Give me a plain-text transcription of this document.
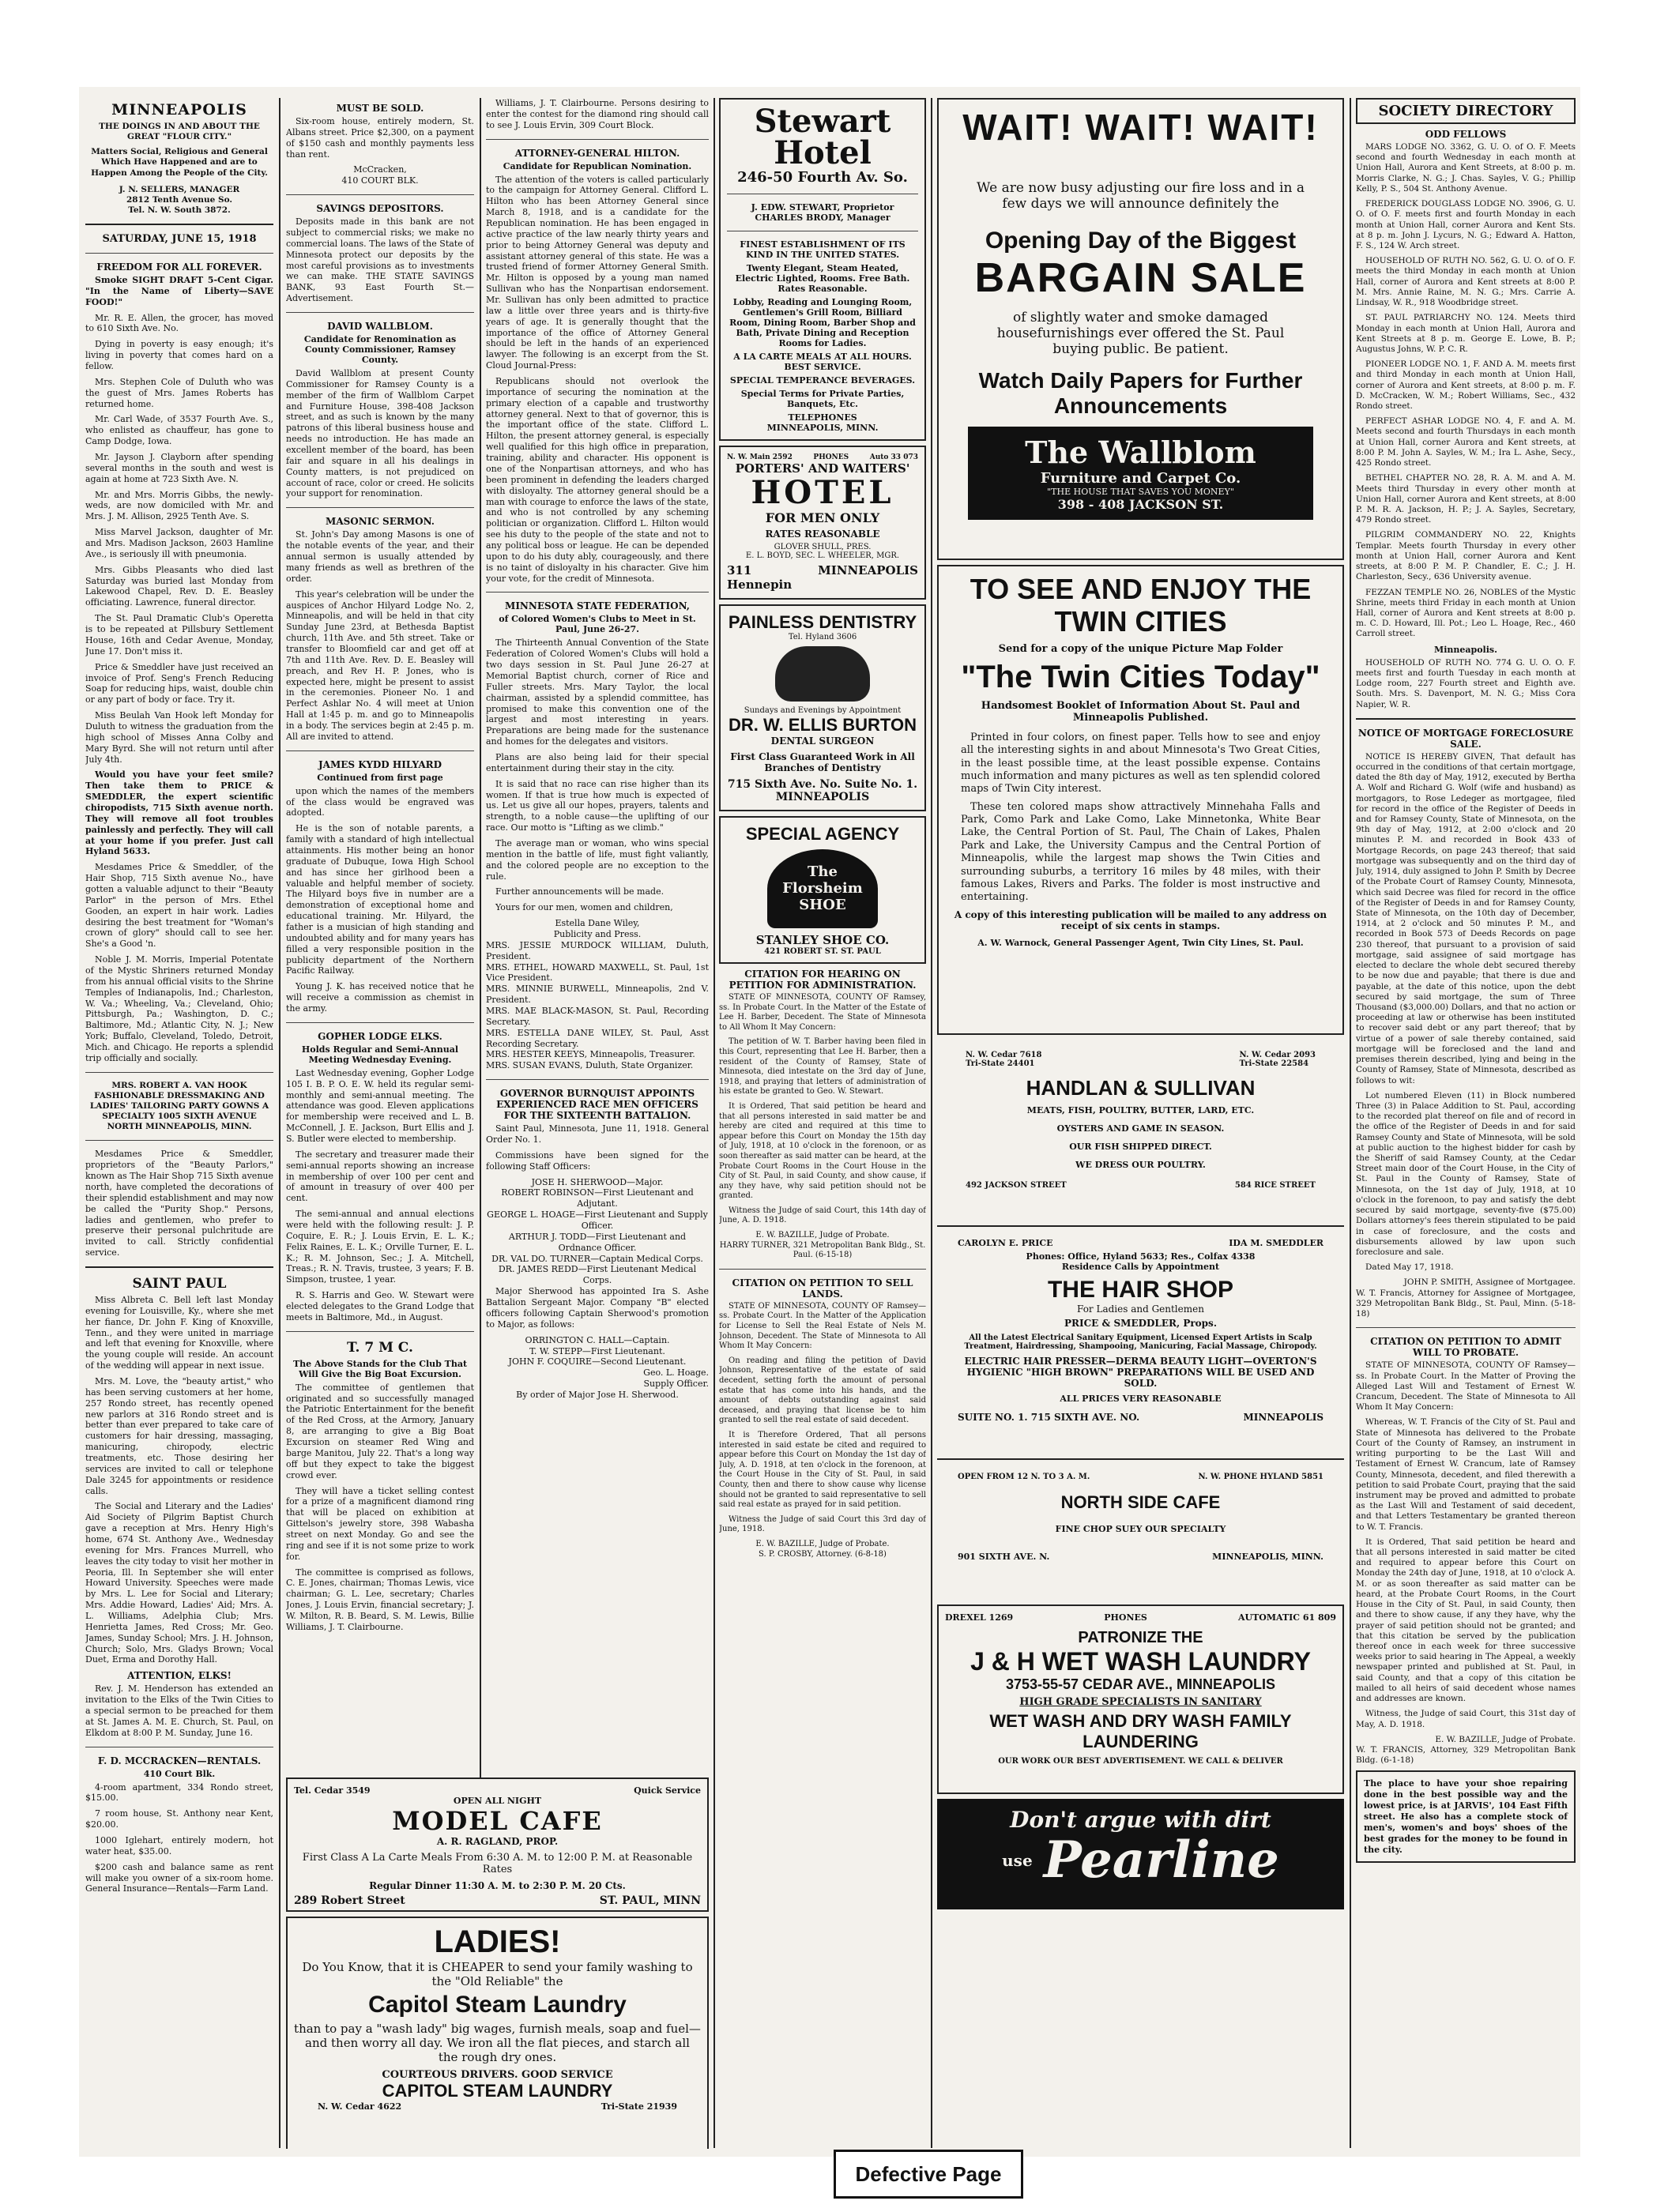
MINNEAPOLIS
THE DOINGS IN AND ABOUT THE GREAT "FLOUR CITY."
Matters Social, Religious and General Which Have Happened and are to Happen Among the People of the City.
J. N. SELLERS, MANAGER
2812 Tenth Avenue So.
Tel. N. W. South 3872.
SATURDAY, JUNE 15, 1918
FREEDOM FOR ALL FOREVER.

Smoke SIGHT DRAFT 5-Cent Cigar. "In the Name of Liberty—SAVE FOOD!"

Mr. R. E. Allen, the grocer, has moved to 610 Sixth Ave. No.

Dying in poverty is easy enough; it's living in poverty that comes hard on a fellow.

Mrs. Stephen Cole of Duluth who was the guest of Mrs. James Roberts has returned home.

Mr. Carl Wade, of 3537 Fourth Ave. S., who enlisted as chauffeur, has gone to Camp Dodge, Iowa.

Mr. Jayson J. Clayborn after spending several months in the south and west is again at home at 723 Sixth Ave. N.

Mr. and Mrs. Morris Gibbs, the newly-weds, are now domiciled with Mr. and Mrs. J. M. Allison, 2925 Tenth Ave. S.

Miss Marvel Jackson, daughter of Mr. and Mrs. Madison Jackson, 2603 Hamline Ave., is seriously ill with pneumonia.

Mrs. Gibbs Pleasants who died last Saturday was buried last Monday from Lakewood Chapel, Rev. D. E. Beasley officiating. Lawrence, funeral director.

The St. Paul Dramatic Club's Operetta is to be repeated at Pillsbury Settlement House, 16th and Cedar Avenue, Monday, June 17. Don't miss it.

Price & Smeddler have just received an invoice of Prof. Seng's French Reducing Soap for reducing hips, waist, double chin or any part of body or face. Try it.

Miss Beulah Van Hook left Monday for Duluth to witness the graduation from the high school of Misses Anna Colby and Mary Byrd. She will not return until after July 4th.

Would you have your feet smile? Then take them to PRICE & SMEDDLER, the expert scientific chiropodists, 715 Sixth avenue north. They will remove all foot troubles painlessly and perfectly. They will call at your home if you prefer. Just call Hyland 5633.

Mesdames Price & Smeddler, of the Hair Shop, 715 Sixth avenue No., have gotten a valuable adjunct to their "Beauty Parlor" in the person of Mrs. Ethel Gooden, an expert in hair work. Ladies desiring the best treatment for "Woman's crown of glory" should call to see her. She's a Good 'n.

Noble J. M. Morris, Imperial Potentate of the Mystic Shriners returned Monday from his annual official visits to the Shrine Temples of Indianapolis, Ind.; Charleston, W. Va.; Wheeling, Va.; Cleveland, Ohio; Pittsburgh, Pa.; Washington, D. C.; Baltimore, Md.; Atlantic City, N. J.; New York; Buffalo, Cleveland, Toledo, Detroit, Mich. and Chicago. He reports a splendid trip officially and socially.

MRS. ROBERT A. VAN HOOK FASHIONABLE DRESSMAKING AND LADIES' TAILORING PARTY GOWNS A SPECIALTY 1005 SIXTH AVENUE NORTH MINNEAPOLIS, MINN.

Mesdames Price & Smeddler, proprietors of the "Beauty Parlors," known as The Hair Shop 715 Sixth avenue north, have completed the decorations of their splendid establishment and may now be called the "Purity Shop." Persons, ladies and gentlemen, who prefer to preserve their personal pulchritude are invited to call. Strictly confidential service.

SAINT PAUL

Miss Albreta C. Bell left last Monday evening for Louisville, Ky., where she met her fiance, Dr. John F. King of Knoxville, Tenn., and they were united in marriage and left that evening for Knoxville, where the young couple will reside. An account of the wedding will appear in next issue.

Mrs. M. Love, the "beauty artist," who has been serving customers at her home, 257 Rondo street, has recently opened new parlors at 316 Rondo street and is better than ever prepared to take care of customers for hair dressing, massaging, manicuring, chiropody, electric treatments, etc. Those desiring her services are invited to call or telephone Dale 3245 for appointments or residence calls.

The Social and Literary and the Ladies' Aid Society of Pilgrim Baptist Church gave a reception at Mrs. Henry High's home, 674 St. Anthony Ave., Wednesday evening for Mrs. Frances Murrell, who leaves the city today to visit her mother in Peoria, Ill. In September she will enter Howard University. Speeches were made by Mrs. L. Lee for Social and Literary; Mrs. Addie Howard, Ladies' Aid; Mrs. A. L. Williams, Adelphia Club; Mrs. Henrietta James, Red Cross; Mr. Geo. James, Sunday School; Mrs. J. H. Johnson, Church; Solo, Mrs. Gladys Brown; Vocal Duet, Erma and Dorothy Hall.

ATTENTION, ELKS!

Rev. J. M. Henderson has extended an invitation to the Elks of the Twin Cities to a special sermon to be preached for them at St. James A. M. E. Church, St. Paul, on Elkdom at 8:00 P. M. Sunday, June 16.

F. D. MCCRACKEN—RENTALS.
410 Court Blk.

4-room apartment, 334 Rondo street, $15.00.

7 room house, St. Anthony near Kent, $20.00.

1000 Iglehart, entirely modern, hot water heat, $35.00.

$200 cash and balance same as rent will make you owner of a six-room home. General Insurance—Rentals—Farm Land.

MUST BE SOLD.

Six-room house, entirely modern, St. Albans street. Price $2,300, on a payment of $150 cash and monthly payments less than rent.

McCracken,
410 COURT BLK.
SAVINGS DEPOSITORS.

Deposits made in this bank are not subject to commercial risks; we make no commercial loans. The laws of the State of Minnesota protect our deposits by the most careful provisions as to investments we can make. THE STATE SAVINGS BANK, 93 East Fourth St.—Advertisement.

DAVID WALLBLOM.
Candidate for Renomination as County Commissioner, Ramsey County.

David Wallblom at present County Commissioner for Ramsey County is a member of the firm of Wallblom Carpet and Furniture House, 398-408 Jackson street, and as such is known by the many patrons of this liberal business house and needs no introduction. He has made an excellent member of the board, has been fair and square in all his dealings in County matters, is not prejudiced on account of race, color or creed. He solicits your support for renomination.

MASONIC SERMON.

St. John's Day among Masons is one of the notable events of the year, and their annual sermon is usually attended by many friends as well as brethren of the order.

This year's celebration will be under the auspices of Anchor Hilyard Lodge No. 2, Minneapolis, and will be held in that city Sunday June 23rd, at Bethesda Baptist church, 11th Ave. and 5th street. Take or transfer to Bloomfield car and get off at 7th and 11th Ave. Rev. D. E. Beasley will preach, and Rev H. P. Jones, who is expected here, might be present to assist in the ceremonies. Pioneer No. 1 and Perfect Ashlar No. 4 will meet at Union Hall at 1:45 p. m. and go to Minneapolis in a body. The services begin at 2:45 p. m. All are invited to attend.

JAMES KYDD HILYARD
Continued from first page

upon which the names of the members of the class would be engraved was adopted.

He is the son of notable parents, a family with a standard of high intellectual attainments. His mother being an honor graduate of Dubuque, Iowa High School and has since her girlhood been a valuable and helpful member of society. The Hilyard boys five in number are a demonstration of exceptional home and educational training. Mr. Hilyard, the father is a musician of high standing and undoubted ability and for many years has filled a very responsible position in the publicity department of the Northern Pacific Railway.

Young J. K. has received notice that he will receive a commission as chemist in the army.

GOPHER LODGE ELKS.
Holds Regular and Semi-Annual Meeting Wednesday Evening.

Last Wednesday evening, Gopher Lodge 105 I. B. P. O. E. W. held its regular semi-monthly and semi-annual meeting. The attendance was good. Eleven applications for membership were received and L. B. McConnell, J. E. Jackson, Burt Ellis and J. S. Butler were elected to membership.

The secretary and treasurer made their semi-annual reports showing an increase in membership of over 100 per cent and of amount in treasury of over 400 per cent.

The semi-annual and annual elections were held with the following result: J. P. Coquire, E. R.; J. Louis Ervin, E. L. K.; Felix Raines, E. L. K.; Orville Turner, E. L. K.; R. M. Johnson, Sec.; J. A. Mitchell, Treas.; R. N. Travis, trustee, 3 years; F. B. Simpson, trustee, 1 year.

R. S. Harris and Geo. W. Stewart were elected delegates to the Grand Lodge that meets in Baltimore, Md., in August.

T. 7 M C.
The Above Stands for the Club That Will Give the Big Boat Excursion.

The committee of gentlemen that originated and so successfully managed the Patriotic Entertainment for the benefit of the Red Cross, at the Armory, January 8, are arranging to give a Big Boat Excursion on steamer Red Wing and barge Manitou, July 22. That's a long way off but they expect to take the biggest crowd ever.

They will have a ticket selling contest for a prize of a magnificent diamond ring that will be placed on exhibition at Gittelson's jewelry store, 398 Wabasha street on next Monday. Go and see the ring and see if it is not some prize to work for.

The committee is comprised as follows, C. E. Jones, chairman; Thomas Lewis, vice chairman; G. L. Lee, secretary; Charles Jones, J. Louis Ervin, financial secretary; J. W. Milton, R. B. Beard, S. M. Lewis, Billie Williams, J. T. Clairbourne.

Williams, J. T. Clairbourne. Persons desiring to enter the contest for the diamond ring should call to see J. Louis Ervin, 309 Court Block.

ATTORNEY-GENERAL HILTON.
Candidate for Republican Nomination.

The attention of the voters is called particularly to the campaign for Attorney General. Clifford L. Hilton who has been Attorney General since March 8, 1918, and is a candidate for the Republican nomination. He has been engaged in active practice of the law nearly thirty years and prior to being Attorney General was deputy and assistant attorney general of this state. He was a trusted friend of former Attorney General Smith. Mr. Hilton is opposed by a young man named Sullivan who has the Nonpartisan endorsement. Mr. Sullivan has only been admitted to practice law a little over three years and is thirty-five years of age. It is generally thought that the importance of the office of Attorney General should be left in the hands of an experienced lawyer. The following is an excerpt from the St. Cloud Journal-Press:

Republicans should not overlook the importance of securing the nomination at the primary election of a capable and trustworthy attorney general. Next to that of governor, this is the important office of the state. Clifford L. Hilton, the present attorney general, is especially well qualified for this high office in preparation, training, ability and character. His opponent is one of the Nonpartisan attorneys, and who has been prominent in defending the leaders charged with disloyalty. The attorney general should be a man with courage to enforce the laws of the state, and who is not controlled by any scheming politician or organization. Clifford L. Hilton would see his duty to the people of the state and not to any political boss or league. He can be depended upon to do his duty ably, courageously, and there is no taint of disloyalty in his character. Give him your vote, for the credit of Minnesota.

MINNESOTA STATE FEDERATION,
of Colored Women's Clubs to Meet in St. Paul, June 26-27.

The Thirteenth Annual Convention of the State Federation of Colored Women's Clubs will hold a two days session in St. Paul June 26-27 at Memorial Baptist church, corner of Rice and Fuller streets. Mrs. Mary Taylor, the local chairman, assisted by a splendid committee, has promised to make this convention one of the largest and most interesting in years. Preparations are being made for the sustenance and homes for the delegates and visitors.

Plans are also being laid for their special entertainment during their stay in the city.

It is said that no race can rise higher than its women. If that is true how much is expected of us. Let us give all our hopes, prayers, talents and strength, to a noble cause—the uplifting of our race. Our motto is "Lifting as we climb."

The average man or woman, who wins special mention in the battle of life, must fight valiantly, and the colored people are no exception to the rule.

Further announcements will be made.

Yours for our men, women and children,

Estella Dane Wiley,
Publicity and Press.
MRS. JESSIE MURDOCK WILLIAM, Duluth, President.
MRS. ETHEL, HOWARD MAXWELL, St. Paul, 1st Vice President.
MRS. MINNIE BURWELL, Minneapolis, 2nd V. President.
MRS. MAE BLACK-MASON, St. Paul, Recording Secretary.
MRS. ESTELLA DANE WILEY, St. Paul, Asst Recording Secretary.
MRS. HESTER KEEYS, Minneapolis, Treasurer.
MRS. SUSAN EVANS, Duluth, State Organizer.
GOVERNOR BURNQUIST APPOINTS EXPERIENCED RACE MEN OFFICERS FOR THE SIXTEENTH BATTALION.

Saint Paul, Minnesota, June 11, 1918. General Order No. 1.

Commissions have been signed for the following Staff Officers:

JOSE H. SHERWOOD—Major.
ROBERT ROBINSON—First Lieutenant and Adjutant.
GEORGE L. HOAGE—First Lieutenant and Supply Officer.
ARTHUR J. TODD—First Lieutenant and Ordnance Officer.
DR. VAL DO. TURNER—Captain Medical Corps.
DR. JAMES REDD—First Lieutenant Medical Corps.

Major Sherwood has appointed Ira S. Ashe Battalion Sergeant Major. Company "B" elected officers following Captain Sherwood's promotion to Major, as follows:

ORRINGTON C. HALL—Captain.
T. W. STEPP—First Lieutenant.
JOHN F. COQUIRE—Second Lieutenant.
Geo. L. Hoage.
Supply Officer.
By order of Major Jose H. Sherwood.
Tel. Cedar 3549	Quick Service
OPEN ALL NIGHT
MODEL CAFE
A. R. RAGLAND, PROP.
First Class A La Carte Meals From 6:30 A. M. to 12:00 P. M. at Reasonable Rates
Regular Dinner 11:30 A. M. to 2:30 P. M. 20 Cts.
289 Robert Street	ST. PAUL, MINN
LADIES!
Do You Know, that it is CHEAPER to send your family washing to the "Old Reliable" the
Capitol Steam Laundry
than to pay a "wash lady" big wages, furnish meals, soap and fuel—and then worry all day. We iron all the flat pieces, and starch all the rough dry ones.
COURTEOUS DRIVERS. GOOD SERVICE
CAPITOL STEAM LAUNDRY
N. W. Cedar 4622	Tri-State 21939
Stewart Hotel
246-50 Fourth Av. So.
J. EDW. STEWART, Proprietor
CHARLES BRODY, Manager
FINEST ESTABLISHMENT OF ITS KIND IN THE UNITED STATES.
Twenty Elegant, Steam Heated, Electric Lighted, Rooms. Free Bath. Rates Reasonable.
Lobby, Reading and Lounging Room, Gentlemen's Grill Room, Billiard Room, Dining Room, Barber Shop and Bath, Private Dining and Reception Rooms for Ladies.
A LA CARTE MEALS AT ALL HOURS. BEST SERVICE.
SPECIAL TEMPERANCE BEVERAGES.
Special Terms for Private Parties, Banquets, Etc.
TELEPHONES
MINNEAPOLIS, MINN.
N. W. Main 2592	PHONES	Auto 33 073
PORTERS' AND WAITERS'
HOTEL
FOR MEN ONLY
RATES REASONABLE
GLOVER SHULL, PRES.
E. L. BOYD, SEC. L. WHEELER, MGR.
311 Hennepin
MINNEAPOLIS
PAINLESS DENTISTRY
Tel. Hyland 3606
Sundays and Evenings by Appointment
DR. W. ELLIS BURTON
DENTAL SURGEON
First Class Guaranteed Work in All Branches of Dentistry
715 Sixth Ave. No. Suite No. 1.
MINNEAPOLIS
SPECIAL AGENCY
The Florsheim SHOE
STANLEY SHOE CO.
421 ROBERT ST. ST. PAUL
CITATION FOR HEARING ON PETITION FOR ADMINISTRATION.

STATE OF MINNESOTA, COUNTY OF Ramsey, ss. In Probate Court. In the Matter of the Estate of Lee H. Barber, Decedent. The State of Minnesota to All Whom It May Concern:

The petition of W. T. Barber having been filed in this Court, representing that Lee H. Barber, then a resident of the County of Ramsey, State of Minnesota, died intestate on the 3rd day of June, 1918, and praying that letters of administration of his estate be granted to Geo. W. Stewart.

It is Ordered, That said petition be heard and that all persons interested in said matter be and hereby are cited and required at this time to appear before this Court on Monday the 15th day of July, 1918, at 10 o'clock in the forenoon, or as soon thereafter as said matter can be heard, at the Probate Court Rooms in the Court House in the City of St. Paul, in said County, and show cause, if any they have, why said petition should not be granted.

Witness the Judge of said Court, this 14th day of June, A. D. 1918.

E. W. BAZILLE, Judge of Probate.
HARRY TURNER, 321 Metropolitan Bank Bldg., St. Paul. (6-15-18)
CITATION ON PETITION TO SELL LANDS.

STATE OF MINNESOTA, COUNTY OF Ramsey—ss. Probate Court. In the Matter of the Application for License to Sell the Real Estate of Nels M. Johnson, Decedent. The State of Minnesota to All Whom It May Concern:

On reading and filing the petition of David Johnson, Representative of the estate of said decedent, setting forth the amount of personal estate that has come into his hands, and the amount of debts outstanding against said deceased, and praying that license be to him granted to sell the real estate of said decedent.

It is Therefore Ordered, That all persons interested in said estate be cited and required to appear before this Court on Monday the 1st day of July, A. D. 1918, at ten o'clock in the forenoon, at the Court House in the City of St. Paul, in said County, then and there to show cause why license should not be granted to said representative to sell said real estate as prayed for in said petition.

Witness the Judge of said Court this 3rd day of June, 1918.

E. W. BAZILLE, Judge of Probate.
S. P. CROSBY, Attorney. (6-8-18)
WAIT! WAIT! WAIT!
We are now busy adjusting our fire loss and in a few days we will announce definitely the
Opening Day of the Biggest
BARGAIN SALE
of slightly water and smoke damaged housefurnishings ever offered the St. Paul buying public. Be patient.
Watch Daily Papers for Further Announcements
The Wallblom
Furniture and Carpet Co.
"THE HOUSE THAT SAVES YOU MONEY"
398 - 408 JACKSON ST.
TO SEE AND ENJOY THE TWIN CITIES
Send for a copy of the unique Picture Map Folder
"The Twin Cities Today"
Handsomest Booklet of Information About St. Paul and Minneapolis Published.

Printed in four colors, on finest paper. Tells how to see and enjoy all the interesting sights in and about Minnesota's Two Great Cities, in the least possible time, at the least possible expense. Contains much information and many pictures as well as ten splendid colored maps of Twin City interest.

These ten colored maps show attractively Minnehaha Falls and Park, Como Park and Lake Como, Lake Minnetonka, White Bear Lake, the Central Portion of St. Paul, The Chain of Lakes, Phalen Park and Lake, the University Campus and the Central Portion of Minneapolis, while the largest map shows the Twin Cities and surrounding suburbs, a territory 16 miles by 48 miles, with their famous Lakes, Rivers and Parks. The folder is most instructive and entertaining.

A copy of this interesting publication will be mailed to any address on receipt of six cents in stamps.
A. W. Warnock, General Passenger Agent, Twin City Lines, St. Paul.
N. W. Cedar 7618
Tri-State 24401
N. W. Cedar 2093
Tri-State 22584
HANDLAN & SULLIVAN
MEATS, FISH, POULTRY, BUTTER, LARD, ETC.
OYSTERS AND GAME IN SEASON.
OUR FISH SHIPPED DIRECT.
WE DRESS OUR POULTRY.
492 JACKSON STREET	584 RICE STREET
CAROLYN E. PRICE	IDA M. SMEDDLER
Phones: Office, Hyland 5633; Res., Colfax 4338
Residence Calls by Appointment
THE HAIR SHOP
For Ladies and Gentlemen
PRICE & SMEDDLER, Props.
All the Latest Electrical Sanitary Equipment, Licensed Expert Artists in Scalp Treatment, Hairdressing, Shampooing, Manicuring, Facial Massage, Chiropody.
ELECTRIC HAIR PRESSER—DERMA BEAUTY LIGHT—OVERTON'S HYGIENIC "HIGH BROWN" PREPARATIONS WILL BE USED AND SOLD.
ALL PRICES VERY REASONABLE
SUITE NO. 1. 715 SIXTH AVE. NO.	MINNEAPOLIS
OPEN FROM 12 N. TO 3 A. M.	N. W. PHONE HYLAND 5851
NORTH SIDE CAFE
FINE CHOP SUEY OUR SPECIALTY
901 SIXTH AVE. N.	MINNEAPOLIS, MINN.
DREXEL 1269	PHONES	AUTOMATIC 61 809
PATRONIZE THE
J & H WET WASH LAUNDRY
3753-55-57 CEDAR AVE., MINNEAPOLIS
HIGH GRADE SPECIALISTS IN SANITARY
WET WASH AND DRY WASH FAMILY LAUNDERING
OUR WORK OUR BEST ADVERTISEMENT. WE CALL & DELIVER
Don't argue with dirt
use Pearline
SOCIETY DIRECTORY
ODD FELLOWS

MARS LODGE NO. 3362, G. U. O. of O. F. Meets second and fourth Wednesday in each month at Union Hall, Aurora and Kent Streets, at 8:00 p. m. Morris Clarke, N. G.; J. Chas. Sayles, V. G.; Phillip Kelly, P. S., 504 St. Anthony Avenue.

FREDERICK DOUGLASS LODGE NO. 3906, G. U. O. of O. F. meets first and fourth Monday in each month at Union Hall, corner Aurora and Kent Sts. at 8 p. m. John J. Lycurs, N. G.; Edward A. Hatton, F. S., 124 W. Arch street.

HOUSEHOLD OF RUTH NO. 562, G. U. O. of O. F. meets the third Monday in each month at Union Hall, corner of Aurora and Kent streets at 8:00 P. M. Mrs. Annie Raine, M. N. G.; Mrs. Carrie A. Lindsay, W. R., 918 Woodbridge street.

ST. PAUL PATRIARCHY NO. 124. Meets third Monday in each month at Union Hall, Aurora and Kent Streets at 8 p. m. George E. Lowe, B. P.; Augustus Johns, W. P. C. R.

PIONEER LODGE NO. 1, F. AND A. M. meets first and third Monday in each month at Union Hall, corner of Aurora and Kent streets, at 8:00 p. m. F. D. McCracken, W. M.; Robert Williams, Sec., 432 Rondo street.

PERFECT ASHAR LODGE NO. 4, F. and A. M. Meets second and fourth Thursdays in each month at Union Hall, corner Aurora and Kent streets, at 8:00 P. M. John A. Sayles, W. M.; Ira L. Ashe, Secy., 425 Rondo street.

BETHEL CHAPTER NO. 28, R. A. M. and A. M. Meets third Thursday in every other month at Union Hall, corner Aurora and Kent streets, at 8:00 P. M. R. A. Jackson, H. P.; J. A. Sayles, Secretary, 479 Rondo street.

PILGRIM COMMANDERY NO. 22, Knights Templar. Meets fourth Thursday in every other month at Union Hall, corner Aurora and Kent streets, at 8:00 P. M. P. Chandler, E. C.; J. H. Charleston, Secy., 636 University avenue.

FEZZAN TEMPLE NO. 26, NOBLES of the Mystic Shrine, meets third Friday in each month at Union Hall, corner of Aurora and Kent streets at 8:00 p. m. C. D. Howard, Ill. Pot.; Leo L. Hoage, Rec., 460 Carroll street.

Minneapolis.

HOUSEHOLD OF RUTH NO. 774 G. U. O. O. F. meets first and fourth Tuesday in each month at Lodge room, 227 Fourth street and Eighth ave. South. Mrs. S. Davenport, M. N. G.; Miss Cora Napier, W. R.

NOTICE OF MORTGAGE FORECLOSURE SALE.

NOTICE IS HEREBY GIVEN, That default has occurred in the conditions of that certain mortgage, dated the 8th day of May, 1912, executed by Bertha A. Wolf and Richard G. Wolf (wife and husband) as mortgagors, to Rose Ledeger as mortgagee, filed for record in the office of the Register of Deeds in and for Ramsey County, State of Minnesota, on the 9th day of May, 1912, at 2:00 o'clock and 20 minutes P. M. and recorded in Book 433 of Mortgage Records, on page 243 thereof; that said mortgage was subsequently and on the third day of July, 1914, duly assigned to John P. Smith by Decree of the Probate Court of Ramsey County, Minnesota, which said Decree was filed for record in the office of the Register of Deeds in and for Ramsey County, State of Minnesota, on the 10th day of December, 1914, at 2 o'clock and 50 minutes P. M., and recorded in Book 573 of Deeds Records on page 230 thereof, that pursuant to a provision of said mortgage, said assignee of said mortgage has elected to declare the whole debt secured thereby to be now due and payable; that there is due and payable, at the date of this notice, upon the debt secured by said mortgage, the sum of Three Thousand ($3,000.00) Dollars, and that no action or proceeding at law or otherwise has been instituted to recover said debt or any part thereof; that by virtue of a power of sale thereby contained, said mortgage will be foreclosed and the land and premises therein described, lying and being in the County of Ramsey, State of Minnesota, described as follows to wit:

Lot numbered Eleven (11) in Block numbered Three (3) in Palace Addition to St. Paul, according to the recorded plat thereof on file and of record in the office of the Register of Deeds in and for said Ramsey County and State of Minnesota, will be sold at public auction to the highest bidder for cash by the Sheriff of said Ramsey County, at the Cedar Street main door of the Court House, in the City of St. Paul in the County of Ramsey, State of Minnesota, on the 1st day of July, 1918, at 10 o'clock in the forenoon, to pay and satisfy the debt secured by said mortgage, seventy-five ($75.00) Dollars attorney's fees therein stipulated to be paid in case of foreclosure, and the costs and disbursements allowed by law upon such foreclosure and sale.

Dated May 17, 1918.

JOHN P. SMITH, Assignee of Mortgagee.
W. T. Francis, Attorney for Assignee of Mortgagee, 329 Metropolitan Bank Bldg., St. Paul, Minn. (5-18-18)
CITATION ON PETITION TO ADMIT WILL TO PROBATE.

STATE OF MINNESOTA, COUNTY OF Ramsey—ss. In Probate Court. In the Matter of Proving the Alleged Last Will and Testament of Ernest W. Crancum, Decedent. The State of Minnesota to All Whom It May Concern:

Whereas, W. T. Francis of the City of St. Paul and State of Minnesota has delivered to the Probate Court of the County of Ramsey, an instrument in writing purporting to be the Last Will and Testament of Ernest W. Crancum, late of Ramsey County, Minnesota, decedent, and filed therewith a petition to said Probate Court, praying that the said instrument may be proved and admitted to probate as the Last Will and Testament of said decedent, and that Letters Testamentary be granted thereon to W. T. Francis.

It is Ordered, That said petition be heard and that all persons interested in said matter be cited and required to appear before this Court on Monday the 24th day of June, 1918, at 10 o'clock A. M. or as soon thereafter as said matter can be heard, at the Probate Court Rooms, in the Court House in the City of St. Paul, in said County, then and there to show cause, if any they have, why the prayer of said petition should not be granted; and that this citation be served by the publication thereof once in each week for three successive weeks prior to said hearing in The Appeal, a weekly newspaper printed and published at St. Paul, in said County, and that a copy of this citation be mailed to all heirs of said decedent whose names and addresses are known.

Witness, the Judge of said Court, this 31st day of May, A. D. 1918.

E. W. BAZILLE, Judge of Probate.
W. T. FRANCIS, Attorney, 329 Metropolitan Bank Bldg. (6-1-18)
The place to have your shoe repairing done in the best possible way and the lowest price, is at JARVIS', 104 East Fifth street. He also has a complete stock of men's, women's and boys' shoes of the best grades for the money to be found in the city.
Defective Page
